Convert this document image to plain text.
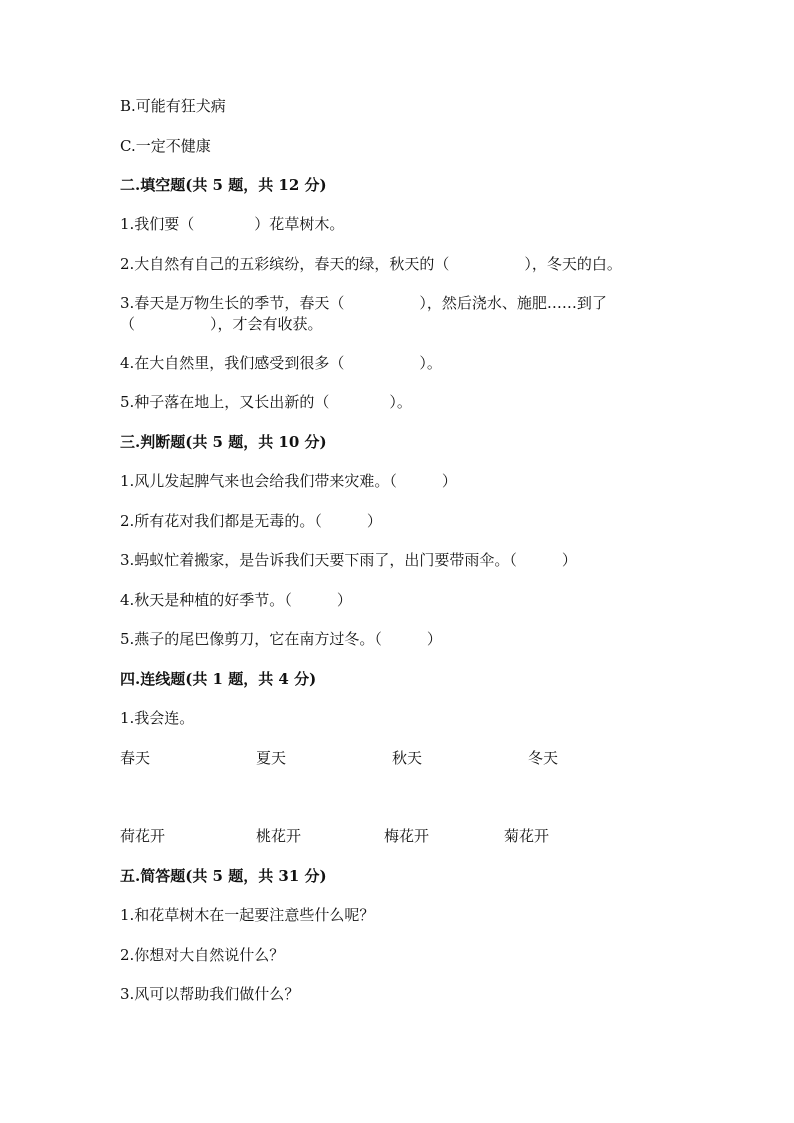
B.可能有狂犬病
C.一定不健康
二.填空题(共 5 题，共 12 分)
1.我们要（　　　　）花草树木。
2.大自然有自己的五彩缤纷，春天的绿，秋天的（　　　　　），冬天的白。
3.春天是万物生长的季节，春天（　　　　　），然后浇水、施肥……到了
（　　　　　），才会有收获。
4.在大自然里，我们感受到很多（　　　　　）。
5.种子落在地上，又长出新的（　　　　）。
三.判断题(共 5 题，共 10 分)
1.风儿发起脾气来也会给我们带来灾难。（　　　）
2.所有花对我们都是无毒的。（　　　）
3.蚂蚁忙着搬家，是告诉我们天要下雨了，出门要带雨伞。（　　　）
4.秋天是种植的好季节。（　　　）
5.燕子的尾巴像剪刀，它在南方过冬。（　　　）
四.连线题(共 1 题，共 4 分)
1.我会连。
春天	夏天	秋天	冬天
荷花开	桃花开	梅花开	菊花开
五.简答题(共 5 题，共 31 分)
1.和花草树木在一起要注意些什么呢？
2.你想对大自然说什么？
3.风可以帮助我们做什么？
